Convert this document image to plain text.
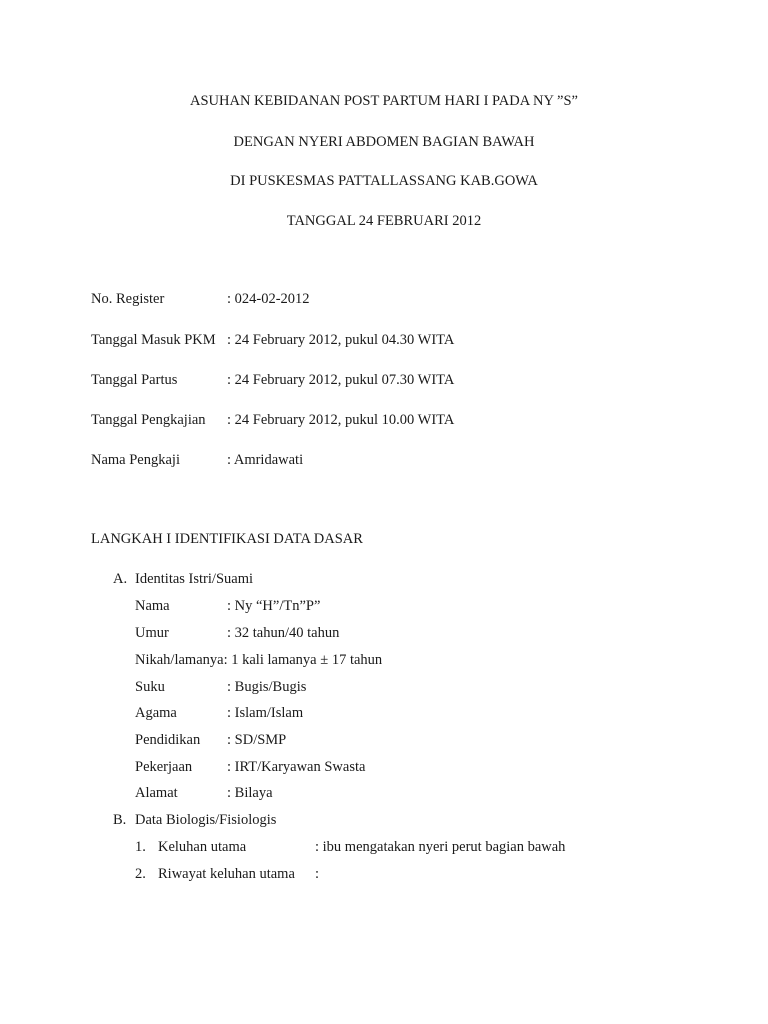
ASUHAN KEBIDANAN POST PARTUM HARI I PADA NY ”S”
DENGAN NYERI ABDOMEN BAGIAN BAWAH
DI PUSKESMAS PATTALLASSANG KAB.GOWA
TANGGAL 24 FEBRUARI 2012
No. Register	: 024-02-2012
Tanggal Masuk PKM : 24 February 2012, pukul 04.30 WITA
Tanggal Partus	: 24 February 2012, pukul 07.30 WITA
Tanggal Pengkajian : 24 February 2012, pukul 10.00 WITA
Nama Pengkaji	: Amridawati
LANGKAH I IDENTIFIKASI DATA DASAR
A. Identitas Istri/Suami
Nama	: Ny “H”/Tn”P”
Umur	: 32 tahun/40 tahun
Nikah/lamanya: 1 kali lamanya ± 17 tahun
Suku	: Bugis/Bugis
Agama	: Islam/Islam
Pendidikan : SD/SMP
Pekerjaan : IRT/Karyawan Swasta
Alamat	: Bilaya
B. Data Biologis/Fisiologis
1. Keluhan utama	: ibu mengatakan nyeri perut bagian bawah
2. Riwayat keluhan utama :
